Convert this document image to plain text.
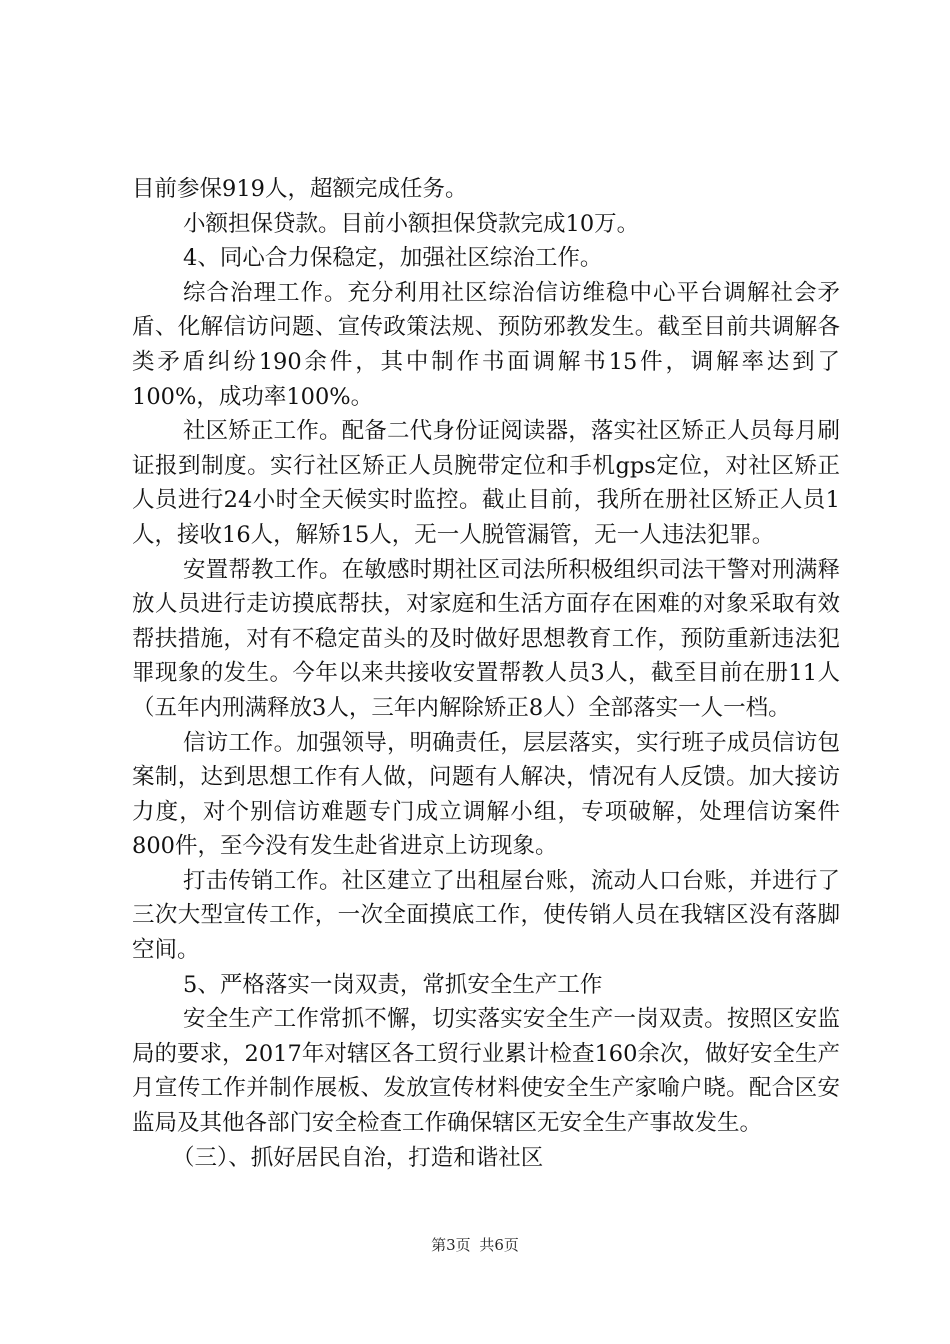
目前参保919人，超额完成任务。

小额担保贷款。目前小额担保贷款完成10万。

4、同心合力保稳定，加强社区综治工作。

综合治理工作。充分利用社区综治信访维稳中心平台调解社会矛盾、化解信访问题、宣传政策法规、预防邪教发生。截至目前共调解各类矛盾纠纷190余件，其中制作书面调解书15件，调解率达到了100%，成功率100%。

社区矫正工作。配备二代身份证阅读器，落实社区矫正人员每月刷证报到制度。实行社区矫正人员腕带定位和手机gps定位，对社区矫正人员进行24小时全天候实时监控。截止目前，我所在册社区矫正人员1人，接收16人，解矫15人，无一人脱管漏管，无一人违法犯罪。

安置帮教工作。在敏感时期社区司法所积极组织司法干警对刑满释放人员进行走访摸底帮扶，对家庭和生活方面存在困难的对象采取有效帮扶措施，对有不稳定苗头的及时做好思想教育工作，预防重新违法犯罪现象的发生。今年以来共接收安置帮教人员3人，截至目前在册11人（五年内刑满释放3人，三年内解除矫正8人）全部落实一人一档。

信访工作。加强领导，明确责任，层层落实，实行班子成员信访包案制，达到思想工作有人做，问题有人解决，情况有人反馈。加大接访力度，对个别信访难题专门成立调解小组，专项破解，处理信访案件800件，至今没有发生赴省进京上访现象。

打击传销工作。社区建立了出租屋台账，流动人口台账，并进行了三次大型宣传工作，一次全面摸底工作，使传销人员在我辖区没有落脚空间。

5、严格落实一岗双责，常抓安全生产工作

安全生产工作常抓不懈，切实落实安全生产一岗双责。按照区安监局的要求，2017年对辖区各工贸行业累计检查160余次，做好安全生产月宣传工作并制作展板、发放宣传材料使安全生产家喻户晓。配合区安监局及其他各部门安全检查工作确保辖区无安全生产事故发生。

（三）、抓好居民自治，打造和谐社区

第3页 共6页
